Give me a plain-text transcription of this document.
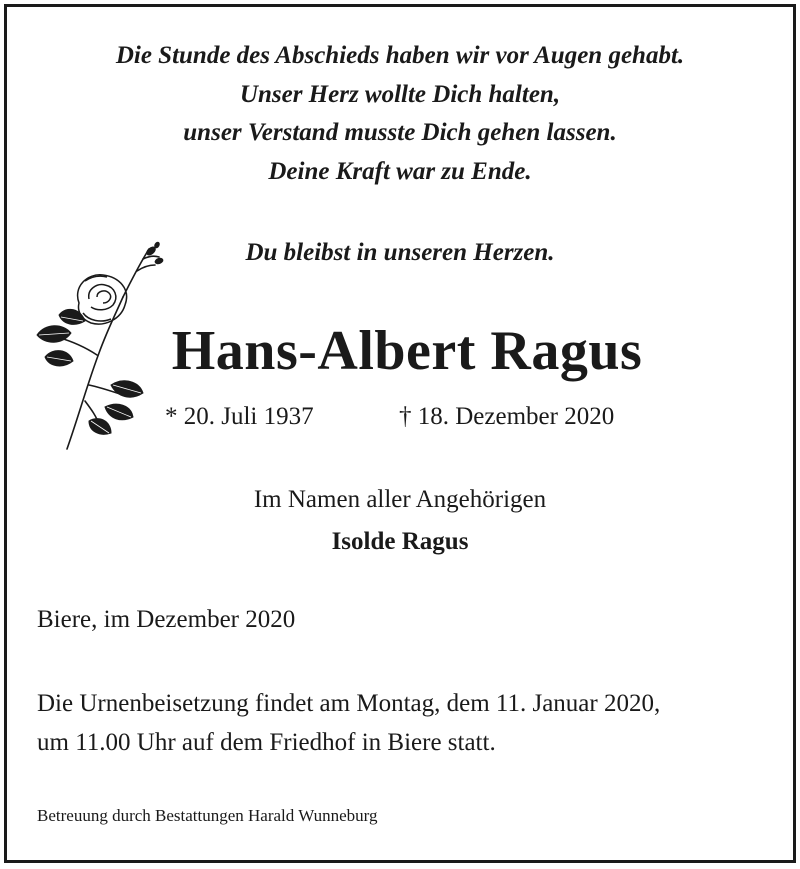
Die Stunde des Abschieds haben wir vor Augen gehabt.
Unser Herz wollte Dich halten,
unser Verstand musste Dich gehen lassen.
Deine Kraft war zu Ende.
Du bleibst in unseren Herzen.
Hans-Albert Ragus
* 20. Juli 1937	† 18. Dezember 2020
Im Namen aller Angehörigen
Isolde Ragus
Biere, im Dezember 2020
Die Urnenbeisetzung findet am Montag, dem 11. Januar 2020,
um 11.00 Uhr auf dem Friedhof in Biere statt.
Betreuung durch Bestattungen Harald Wunneburg
